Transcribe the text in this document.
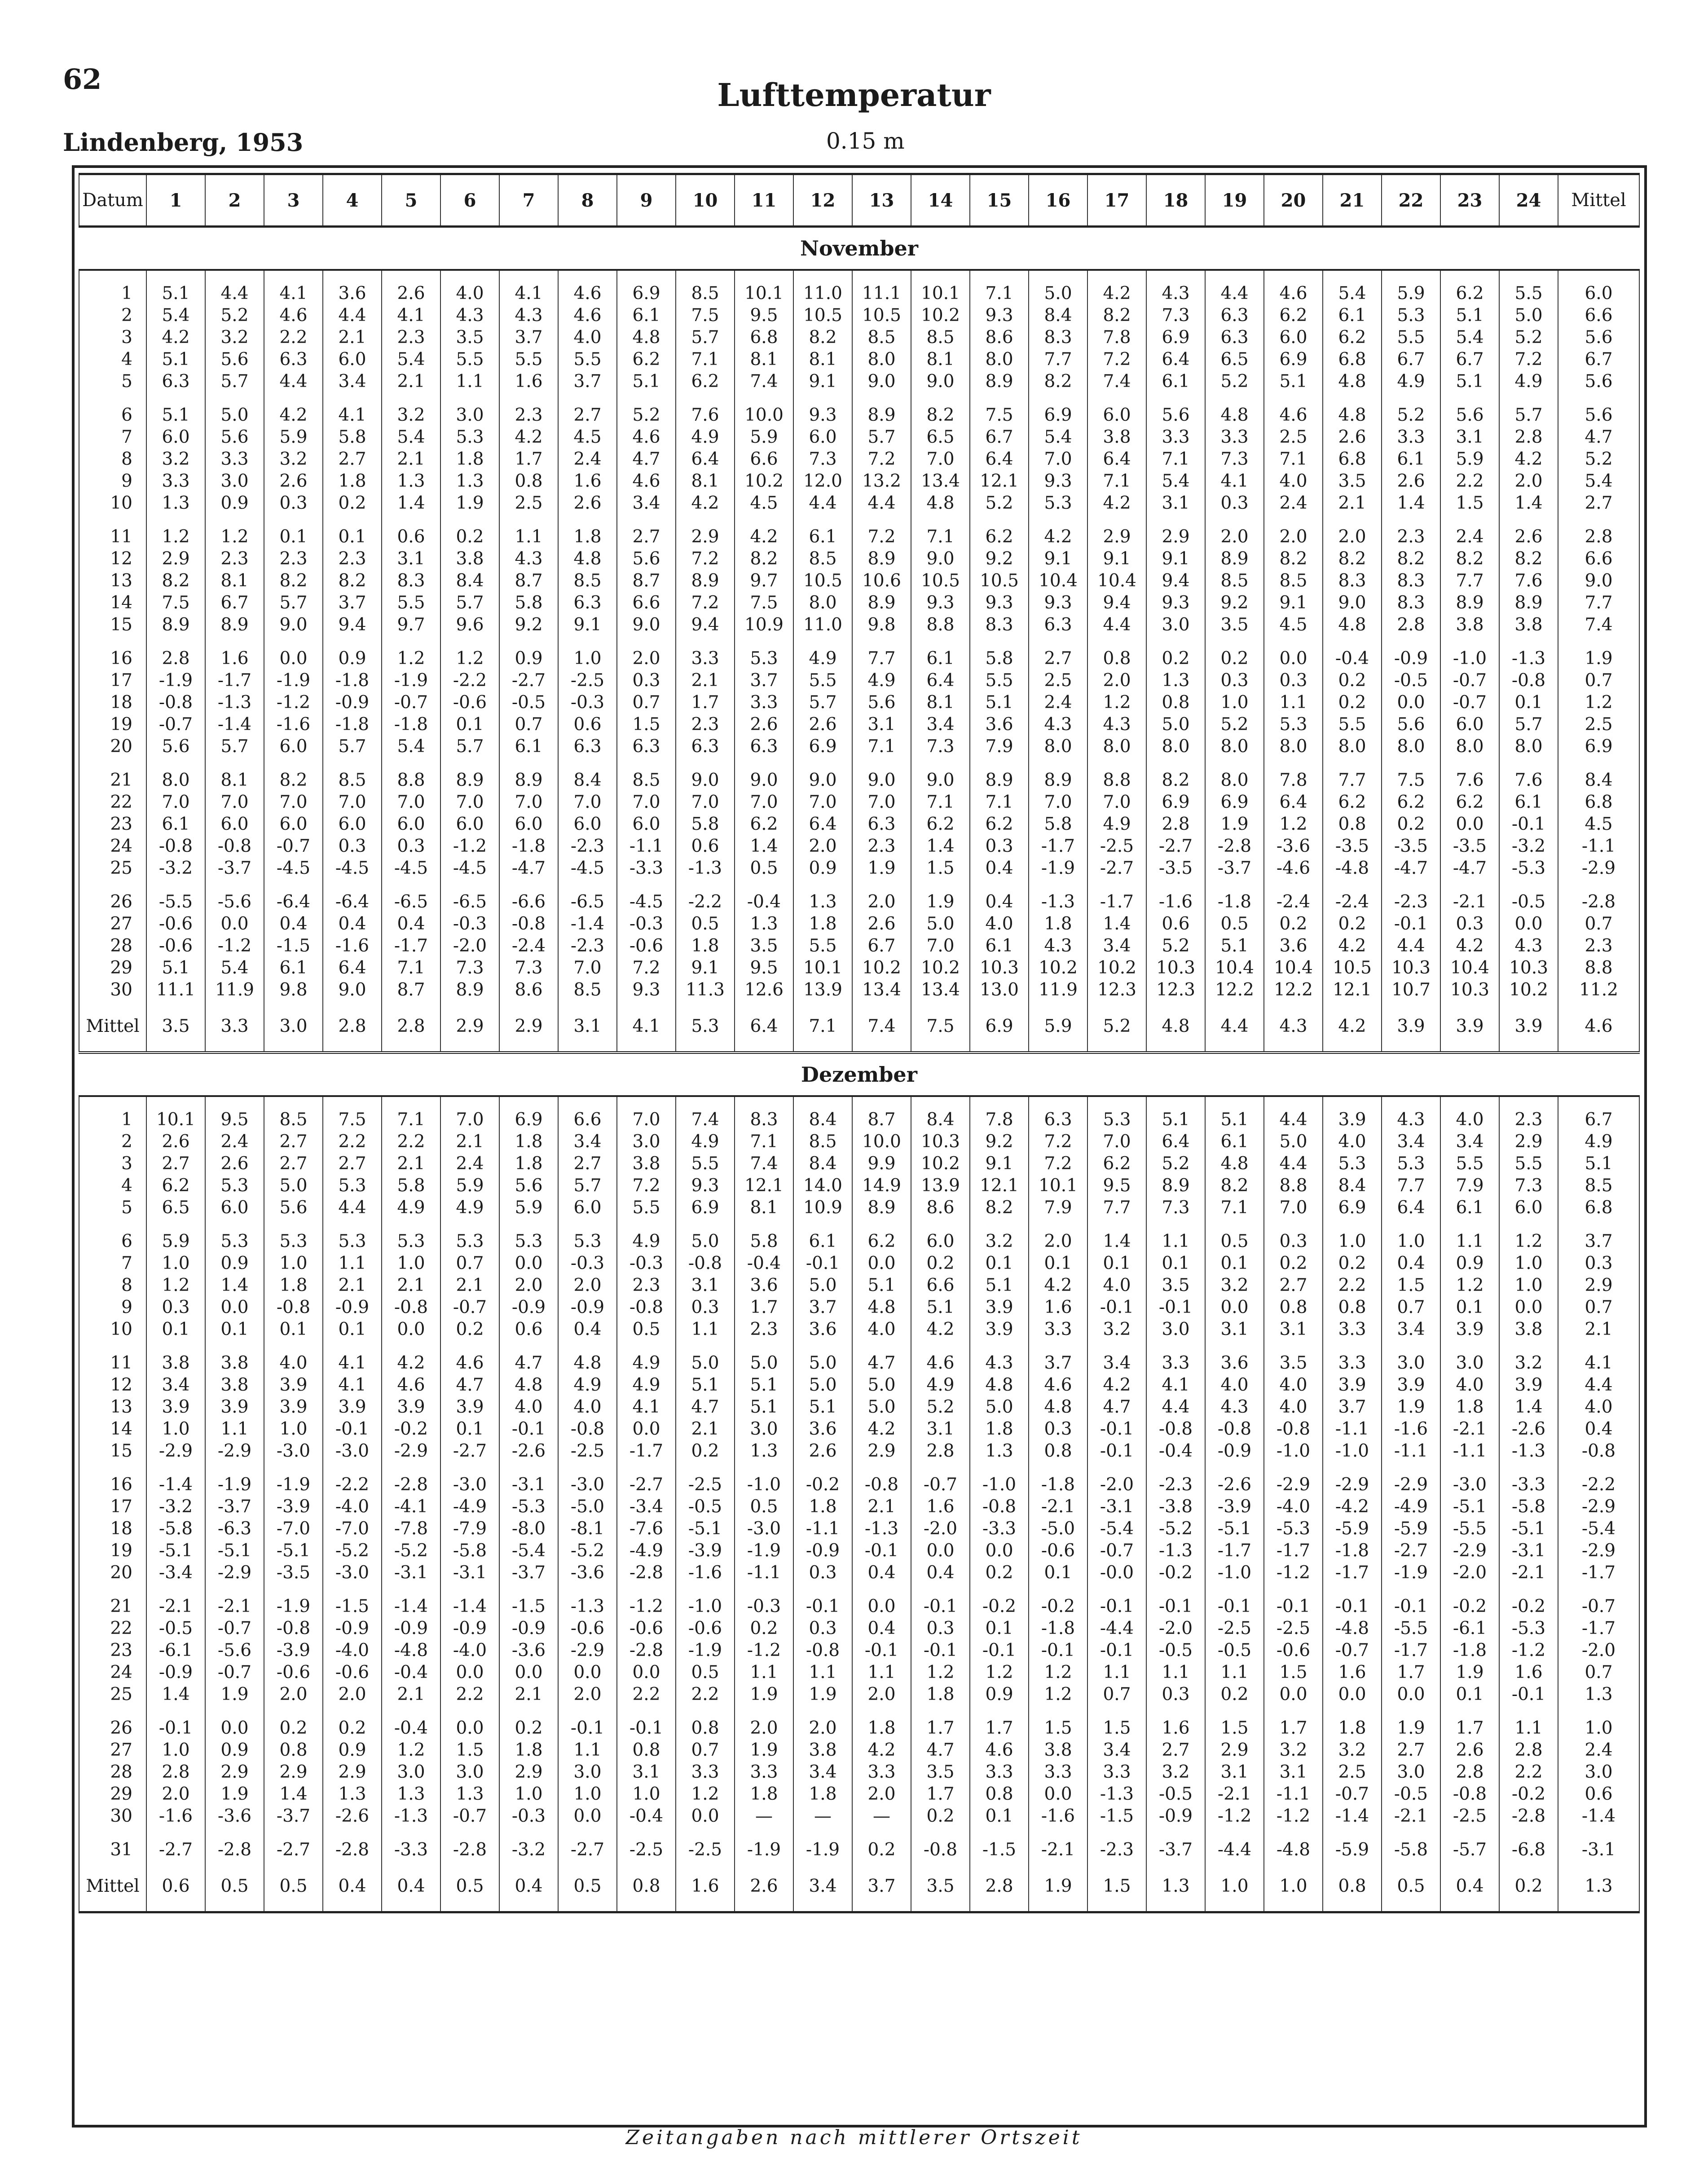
62	Lufttemperatur
Lindenberg, 1953	0.15 m
Datum	1	2	3	4	5	6	7	8	9	10	11	12	13	14	15	16	17	18	19	20	21	22	23	24	Mittel
November																									

1	5.1	4.4	4.1	3.6	2.6	4.0	4.1	4.6	6.9	8.5	10.1	11.0	11.1	10.1	7.1	5.0	4.2	4.3	4.4	4.6	5.4	5.9	6.2	5.5	6.0
2	5.4	5.2	4.6	4.4	4.1	4.3	4.3	4.6	6.1	7.5	9.5	10.5	10.5	10.2	9.3	8.4	8.2	7.3	6.3	6.2	6.1	5.3	5.1	5.0	6.6
3	4.2	3.2	2.2	2.1	2.3	3.5	3.7	4.0	4.8	5.7	6.8	8.2	8.5	8.5	8.6	8.3	7.8	6.9	6.3	6.0	6.2	5.5	5.4	5.2	5.6
4	5.1	5.6	6.3	6.0	5.4	5.5	5.5	5.5	6.2	7.1	8.1	8.1	8.0	8.1	8.0	7.7	7.2	6.4	6.5	6.9	6.8	6.7	6.7	7.2	6.7
5	6.3	5.7	4.4	3.4	2.1	1.1	1.6	3.7	5.1	6.2	7.4	9.1	9.0	9.0	8.9	8.2	7.4	6.1	5.2	5.1	4.8	4.9	5.1	4.9	5.6

6	5.1	5.0	4.2	4.1	3.2	3.0	2.3	2.7	5.2	7.6	10.0	9.3	8.9	8.2	7.5	6.9	6.0	5.6	4.8	4.6	4.8	5.2	5.6	5.7	5.6
7	6.0	5.6	5.9	5.8	5.4	5.3	4.2	4.5	4.6	4.9	5.9	6.0	5.7	6.5	6.7	5.4	3.8	3.3	3.3	2.5	2.6	3.3	3.1	2.8	4.7
8	3.2	3.3	3.2	2.7	2.1	1.8	1.7	2.4	4.7	6.4	6.6	7.3	7.2	7.0	6.4	7.0	6.4	7.1	7.3	7.1	6.8	6.1	5.9	4.2	5.2
9	3.3	3.0	2.6	1.8	1.3	1.3	0.8	1.6	4.6	8.1	10.2	12.0	13.2	13.4	12.1	9.3	7.1	5.4	4.1	4.0	3.5	2.6	2.2	2.0	5.4
10	1.3	0.9	0.3	0.2	1.4	1.9	2.5	2.6	3.4	4.2	4.5	4.4	4.4	4.8	5.2	5.3	4.2	3.1	0.3	2.4	2.1	1.4	1.5	1.4	2.7

11	1.2	1.2	0.1	0.1	0.6	0.2	1.1	1.8	2.7	2.9	4.2	6.1	7.2	7.1	6.2	4.2	2.9	2.9	2.0	2.0	2.0	2.3	2.4	2.6	2.8
12	2.9	2.3	2.3	2.3	3.1	3.8	4.3	4.8	5.6	7.2	8.2	8.5	8.9	9.0	9.2	9.1	9.1	9.1	8.9	8.2	8.2	8.2	8.2	8.2	6.6
13	8.2	8.1	8.2	8.2	8.3	8.4	8.7	8.5	8.7	8.9	9.7	10.5	10.6	10.5	10.5	10.4	10.4	9.4	8.5	8.5	8.3	8.3	7.7	7.6	9.0
14	7.5	6.7	5.7	3.7	5.5	5.7	5.8	6.3	6.6	7.2	7.5	8.0	8.9	9.3	9.3	9.3	9.4	9.3	9.2	9.1	9.0	8.3	8.9	8.9	7.7
15	8.9	8.9	9.0	9.4	9.7	9.6	9.2	9.1	9.0	9.4	10.9	11.0	9.8	8.8	8.3	6.3	4.4	3.0	3.5	4.5	4.8	2.8	3.8	3.8	7.4

16	2.8	1.6	0.0	0.9	1.2	1.2	0.9	1.0	2.0	3.3	5.3	4.9	7.7	6.1	5.8	2.7	0.8	0.2	0.2	0.0	-0.4	-0.9	-1.0	-1.3	1.9
17	-1.9	-1.7	-1.9	-1.8	-1.9	-2.2	-2.7	-2.5	0.3	2.1	3.7	5.5	4.9	6.4	5.5	2.5	2.0	1.3	0.3	0.3	0.2	-0.5	-0.7	-0.8	0.7
18	-0.8	-1.3	-1.2	-0.9	-0.7	-0.6	-0.5	-0.3	0.7	1.7	3.3	5.7	5.6	8.1	5.1	2.4	1.2	0.8	1.0	1.1	0.2	0.0	-0.7	0.1	1.2
19	-0.7	-1.4	-1.6	-1.8	-1.8	0.1	0.7	0.6	1.5	2.3	2.6	2.6	3.1	3.4	3.6	4.3	4.3	5.0	5.2	5.3	5.5	5.6	6.0	5.7	2.5
20	5.6	5.7	6.0	5.7	5.4	5.7	6.1	6.3	6.3	6.3	6.3	6.9	7.1	7.3	7.9	8.0	8.0	8.0	8.0	8.0	8.0	8.0	8.0	8.0	6.9

21	8.0	8.1	8.2	8.5	8.8	8.9	8.9	8.4	8.5	9.0	9.0	9.0	9.0	9.0	8.9	8.9	8.8	8.2	8.0	7.8	7.7	7.5	7.6	7.6	8.4
22	7.0	7.0	7.0	7.0	7.0	7.0	7.0	7.0	7.0	7.0	7.0	7.0	7.0	7.1	7.1	7.0	7.0	6.9	6.9	6.4	6.2	6.2	6.2	6.1	6.8
23	6.1	6.0	6.0	6.0	6.0	6.0	6.0	6.0	6.0	5.8	6.2	6.4	6.3	6.2	6.2	5.8	4.9	2.8	1.9	1.2	0.8	0.2	0.0	-0.1	4.5
24	-0.8	-0.8	-0.7	0.3	0.3	-1.2	-1.8	-2.3	-1.1	0.6	1.4	2.0	2.3	1.4	0.3	-1.7	-2.5	-2.7	-2.8	-3.6	-3.5	-3.5	-3.5	-3.2	-1.1
25	-3.2	-3.7	-4.5	-4.5	-4.5	-4.5	-4.7	-4.5	-3.3	-1.3	0.5	0.9	1.9	1.5	0.4	-1.9	-2.7	-3.5	-3.7	-4.6	-4.8	-4.7	-4.7	-5.3	-2.9

26	-5.5	-5.6	-6.4	-6.4	-6.5	-6.5	-6.6	-6.5	-4.5	-2.2	-0.4	1.3	2.0	1.9	0.4	-1.3	-1.7	-1.6	-1.8	-2.4	-2.4	-2.3	-2.1	-0.5	-2.8
27	-0.6	0.0	0.4	0.4	0.4	-0.3	-0.8	-1.4	-0.3	0.5	1.3	1.8	2.6	5.0	4.0	1.8	1.4	0.6	0.5	0.2	0.2	-0.1	0.3	0.0	0.7
28	-0.6	-1.2	-1.5	-1.6	-1.7	-2.0	-2.4	-2.3	-0.6	1.8	3.5	5.5	6.7	7.0	6.1	4.3	3.4	5.2	5.1	3.6	4.2	4.4	4.2	4.3	2.3
29	5.1	5.4	6.1	6.4	7.1	7.3	7.3	7.0	7.2	9.1	9.5	10.1	10.2	10.2	10.3	10.2	10.2	10.3	10.4	10.4	10.5	10.3	10.4	10.3	8.8
30	11.1	11.9	9.8	9.0	8.7	8.9	8.6	8.5	9.3	11.3	12.6	13.9	13.4	13.4	13.0	11.9	12.3	12.3	12.2	12.2	12.1	10.7	10.3	10.2	11.2
Mittel	3.5	3.3	3.0	2.8	2.8	2.9	2.9	3.1	4.1	5.3	6.4	7.1	7.4	7.5	6.9	5.9	5.2	4.8	4.4	4.3	4.2	3.9	3.9	3.9	4.6
Dezember																									

1	10.1	9.5	8.5	7.5	7.1	7.0	6.9	6.6	7.0	7.4	8.3	8.4	8.7	8.4	7.8	6.3	5.3	5.1	5.1	4.4	3.9	4.3	4.0	2.3	6.7
2	2.6	2.4	2.7	2.2	2.2	2.1	1.8	3.4	3.0	4.9	7.1	8.5	10.0	10.3	9.2	7.2	7.0	6.4	6.1	5.0	4.0	3.4	3.4	2.9	4.9
3	2.7	2.6	2.7	2.7	2.1	2.4	1.8	2.7	3.8	5.5	7.4	8.4	9.9	10.2	9.1	7.2	6.2	5.2	4.8	4.4	5.3	5.3	5.5	5.5	5.1
4	6.2	5.3	5.0	5.3	5.8	5.9	5.6	5.7	7.2	9.3	12.1	14.0	14.9	13.9	12.1	10.1	9.5	8.9	8.2	8.8	8.4	7.7	7.9	7.3	8.5
5	6.5	6.0	5.6	4.4	4.9	4.9	5.9	6.0	5.5	6.9	8.1	10.9	8.9	8.6	8.2	7.9	7.7	7.3	7.1	7.0	6.9	6.4	6.1	6.0	6.8

6	5.9	5.3	5.3	5.3	5.3	5.3	5.3	5.3	4.9	5.0	5.8	6.1	6.2	6.0	3.2	2.0	1.4	1.1	0.5	0.3	1.0	1.0	1.1	1.2	3.7
7	1.0	0.9	1.0	1.1	1.0	0.7	0.0	-0.3	-0.3	-0.8	-0.4	-0.1	0.0	0.2	0.1	0.1	0.1	0.1	0.1	0.2	0.2	0.4	0.9	1.0	0.3
8	1.2	1.4	1.8	2.1	2.1	2.1	2.0	2.0	2.3	3.1	3.6	5.0	5.1	6.6	5.1	4.2	4.0	3.5	3.2	2.7	2.2	1.5	1.2	1.0	2.9
9	0.3	0.0	-0.8	-0.9	-0.8	-0.7	-0.9	-0.9	-0.8	0.3	1.7	3.7	4.8	5.1	3.9	1.6	-0.1	-0.1	0.0	0.8	0.8	0.7	0.1	0.0	0.7
10	0.1	0.1	0.1	0.1	0.0	0.2	0.6	0.4	0.5	1.1	2.3	3.6	4.0	4.2	3.9	3.3	3.2	3.0	3.1	3.1	3.3	3.4	3.9	3.8	2.1

11	3.8	3.8	4.0	4.1	4.2	4.6	4.7	4.8	4.9	5.0	5.0	5.0	4.7	4.6	4.3	3.7	3.4	3.3	3.6	3.5	3.3	3.0	3.0	3.2	4.1
12	3.4	3.8	3.9	4.1	4.6	4.7	4.8	4.9	4.9	5.1	5.1	5.0	5.0	4.9	4.8	4.6	4.2	4.1	4.0	4.0	3.9	3.9	4.0	3.9	4.4
13	3.9	3.9	3.9	3.9	3.9	3.9	4.0	4.0	4.1	4.7	5.1	5.1	5.0	5.2	5.0	4.8	4.7	4.4	4.3	4.0	3.7	1.9	1.8	1.4	4.0
14	1.0	1.1	1.0	-0.1	-0.2	0.1	-0.1	-0.8	0.0	2.1	3.0	3.6	4.2	3.1	1.8	0.3	-0.1	-0.8	-0.8	-0.8	-1.1	-1.6	-2.1	-2.6	0.4
15	-2.9	-2.9	-3.0	-3.0	-2.9	-2.7	-2.6	-2.5	-1.7	0.2	1.3	2.6	2.9	2.8	1.3	0.8	-0.1	-0.4	-0.9	-1.0	-1.0	-1.1	-1.1	-1.3	-0.8

16	-1.4	-1.9	-1.9	-2.2	-2.8	-3.0	-3.1	-3.0	-2.7	-2.5	-1.0	-0.2	-0.8	-0.7	-1.0	-1.8	-2.0	-2.3	-2.6	-2.9	-2.9	-2.9	-3.0	-3.3	-2.2
17	-3.2	-3.7	-3.9	-4.0	-4.1	-4.9	-5.3	-5.0	-3.4	-0.5	0.5	1.8	2.1	1.6	-0.8	-2.1	-3.1	-3.8	-3.9	-4.0	-4.2	-4.9	-5.1	-5.8	-2.9
18	-5.8	-6.3	-7.0	-7.0	-7.8	-7.9	-8.0	-8.1	-7.6	-5.1	-3.0	-1.1	-1.3	-2.0	-3.3	-5.0	-5.4	-5.2	-5.1	-5.3	-5.9	-5.9	-5.5	-5.1	-5.4
19	-5.1	-5.1	-5.1	-5.2	-5.2	-5.8	-5.4	-5.2	-4.9	-3.9	-1.9	-0.9	-0.1	0.0	0.0	-0.6	-0.7	-1.3	-1.7	-1.7	-1.8	-2.7	-2.9	-3.1	-2.9
20	-3.4	-2.9	-3.5	-3.0	-3.1	-3.1	-3.7	-3.6	-2.8	-1.6	-1.1	0.3	0.4	0.4	0.2	0.1	-0.0	-0.2	-1.0	-1.2	-1.7	-1.9	-2.0	-2.1	-1.7

21	-2.1	-2.1	-1.9	-1.5	-1.4	-1.4	-1.5	-1.3	-1.2	-1.0	-0.3	-0.1	0.0	-0.1	-0.2	-0.2	-0.1	-0.1	-0.1	-0.1	-0.1	-0.1	-0.2	-0.2	-0.7
22	-0.5	-0.7	-0.8	-0.9	-0.9	-0.9	-0.9	-0.6	-0.6	-0.6	0.2	0.3	0.4	0.3	0.1	-1.8	-4.4	-2.0	-2.5	-2.5	-4.8	-5.5	-6.1	-5.3	-1.7
23	-6.1	-5.6	-3.9	-4.0	-4.8	-4.0	-3.6	-2.9	-2.8	-1.9	-1.2	-0.8	-0.1	-0.1	-0.1	-0.1	-0.1	-0.5	-0.5	-0.6	-0.7	-1.7	-1.8	-1.2	-2.0
24	-0.9	-0.7	-0.6	-0.6	-0.4	0.0	0.0	0.0	0.0	0.5	1.1	1.1	1.1	1.2	1.2	1.2	1.1	1.1	1.1	1.5	1.6	1.7	1.9	1.6	0.7
25	1.4	1.9	2.0	2.0	2.1	2.2	2.1	2.0	2.2	2.2	1.9	1.9	2.0	1.8	0.9	1.2	0.7	0.3	0.2	0.0	0.0	0.0	0.1	-0.1	1.3

26	-0.1	0.0	0.2	0.2	-0.4	0.0	0.2	-0.1	-0.1	0.8	2.0	2.0	1.8	1.7	1.7	1.5	1.5	1.6	1.5	1.7	1.8	1.9	1.7	1.1	1.0
27	1.0	0.9	0.8	0.9	1.2	1.5	1.8	1.1	0.8	0.7	1.9	3.8	4.2	4.7	4.6	3.8	3.4	2.7	2.9	3.2	3.2	2.7	2.6	2.8	2.4
28	2.8	2.9	2.9	2.9	3.0	3.0	2.9	3.0	3.1	3.3	3.3	3.4	3.3	3.5	3.3	3.3	3.3	3.2	3.1	3.1	2.5	3.0	2.8	2.2	3.0
29	2.0	1.9	1.4	1.3	1.3	1.3	1.0	1.0	1.0	1.2	1.8	1.8	2.0	1.7	0.8	0.0	-1.3	-0.5	-2.1	-1.1	-0.7	-0.5	-0.8	-0.2	0.6
30	-1.6	-3.6	-3.7	-2.6	-1.3	-0.7	-0.3	0.0	-0.4	0.0	—	—	—	0.2	0.1	-1.6	-1.5	-0.9	-1.2	-1.2	-1.4	-2.1	-2.5	-2.8	-1.4

31	-2.7	-2.8	-2.7	-2.8	-3.3	-2.8	-3.2	-2.7	-2.5	-2.5	-1.9	-1.9	0.2	-0.8	-1.5	-2.1	-2.3	-3.7	-4.4	-4.8	-5.9	-5.8	-5.7	-6.8	-3.1
Mittel	0.6	0.5	0.5	0.4	0.4	0.5	0.4	0.5	0.8	1.6	2.6	3.4	3.7	3.5	2.8	1.9	1.5	1.3	1.0	1.0	0.8	0.5	0.4	0.2	1.3
Zeitangaben nach mittlerer Ortszeit
